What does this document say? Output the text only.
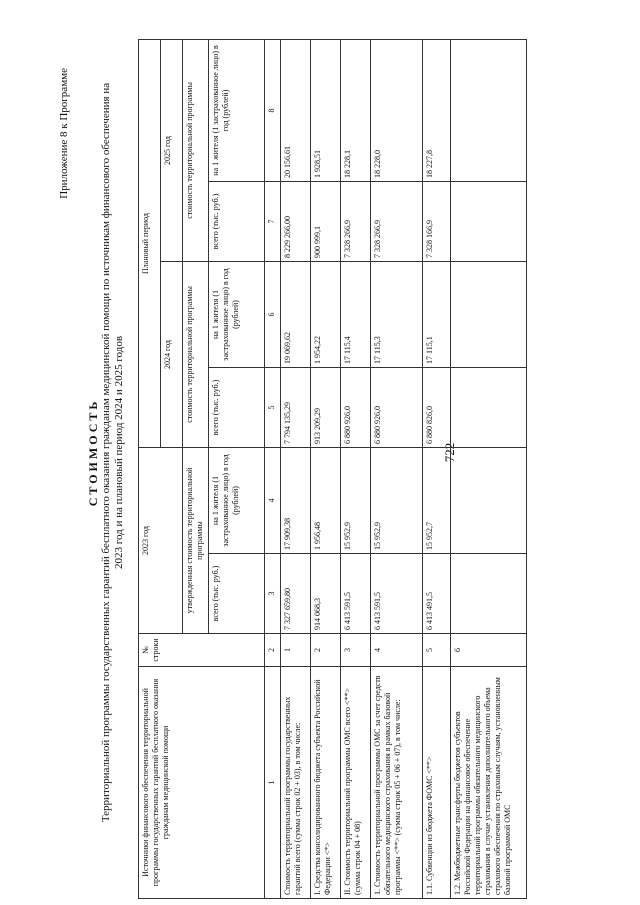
722
Приложение 8 к Программе
СТОИМОСТЬ Территориальной программы государственных гарантий бесплатного оказания гражданам медицинской помощи по источникам финансового обеспечения на 2023 год и на плановый период 2024 и 2025 годов
Источники финансового обеспечения территориальной программы государственных гарантий бесплатного оказания гражданам медицинской помощи	№ строки	2023 год		Плановый период			
				2024 год		2025 год	
		утвержденная стоимость территориальной программы		стоимость территориальной программы		стоимость территориальной программы	
		всего (тыс. руб.)	на 1 жителя (1 застрахованное лицо) в год (рублей)	всего (тыс. руб.)	на 1 жителя (1 застрахованное лицо) в год (рублей)	всего (тыс. руб.)	на 1 жителя (1 застрахованное лицо) в год (рублей)
1	2	3	4	5	6	7	8
Стоимость территориальной программы государственных гарантий всего (сумма строк 02 + 03), в том числе:	1	7 327 659,80	17 909,38	7 794 135,29	19 069,62	8 229 266,00	20 156,61
I. Средства консолидированного бюджета субъекта Российской Федерации <*>	2	914 068,3	1 956,48	913 209,29	1 954,22	900 999,1	1 928,51
II. Стоимость территориальной программы ОМС всего <**> (сумма строк 04 + 08)	3	6 413 591,5	15 952,9	6 880 926,0	17 115,4	7 328 266,9	18 228,1
1. Стоимость территориальной программы ОМС за счет средств обязательного медицинского страхования в рамках базовой программы <**> (сумма строк 05 + 06 + 07), в том числе:	4	6 413 591,5	15 952,9	6 880 926,0	17 115,3	7 328 266,9	18 228,0
1.1. Субвенции из бюджета ФОМС <**>	5	6 413 491,5	15 952,7	6 880 826,0	17 115,1	7 328 166,9	18 227,8
1.2. Межбюджетные трансферты бюджетов субъектов Российской Федерации на финансовое обеспечение территориальной программы обязательного медицинского страхования в случае установления дополнительного объема страхового обеспечения по страховым случаям, установленным базовой программой ОМС	6						
